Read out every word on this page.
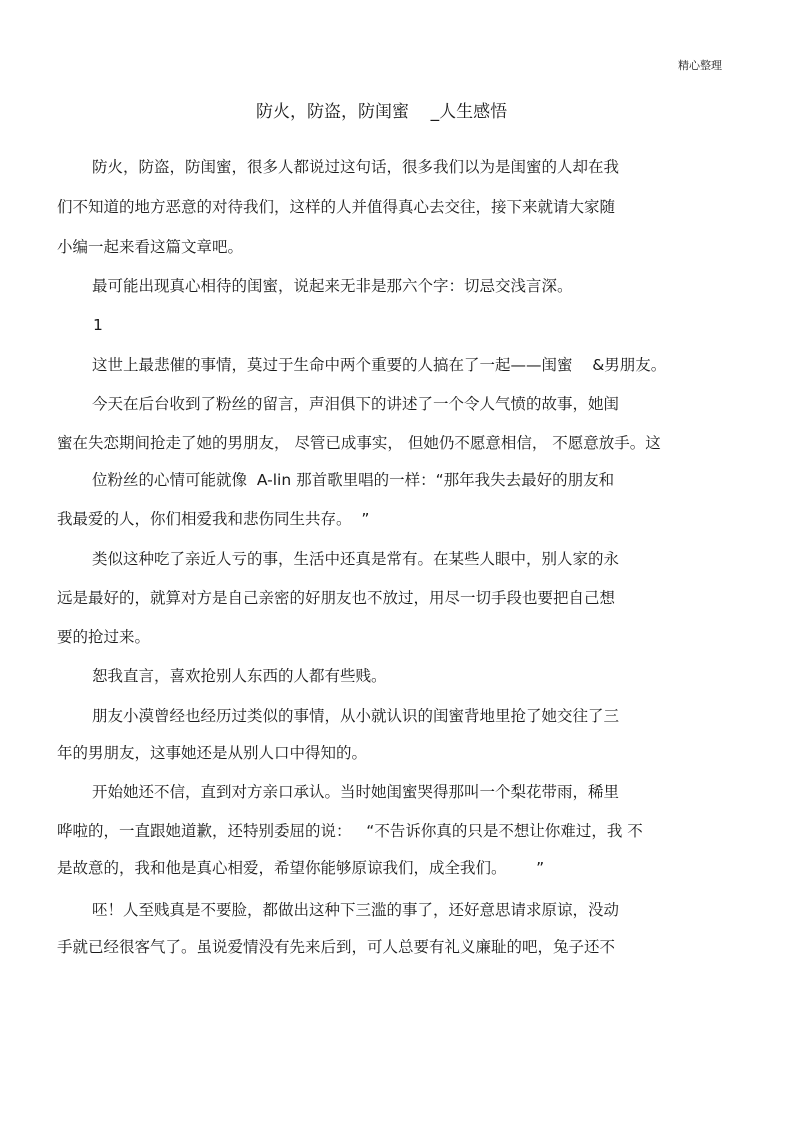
精心整理
防火，防盗，防闺蜜    _人生感悟
防火，防盗，防闺蜜，很多人都说过这句话，很多我们以为是闺蜜的人却在我
们不知道的地方恶意的对待我们，这样的人并值得真心去交往，接下来就请大家随
小编一起来看这篇文章吧。
最可能出现真心相待的闺蜜，说起来无非是那六个字：切忌交浅言深。
1
这世上最悲催的事情，莫过于生命中两个重要的人搞在了一起——闺蜜    &男朋友。
今天在后台收到了粉丝的留言，声泪俱下的讲述了一个令人气愤的故事，她闺
蜜在失恋期间抢走了她的男朋友， 尽管已成事实， 但她仍不愿意相信， 不愿意放手。这
位粉丝的心情可能就像  A-lin 那首歌里唱的一样：“那年我失去最好的朋友和
我最爱的人，你们相爱我和悲伤同生共存。  ”
类似这种吃了亲近人亏的事，生活中还真是常有。在某些人眼中，别人家的永
远是最好的，就算对方是自己亲密的好朋友也不放过，用尽一切手段也要把自己想
要的抢过来。
恕我直言，喜欢抢别人东西的人都有些贱。
朋友小漠曾经也经历过类似的事情，从小就认识的闺蜜背地里抢了她交往了三
年的男朋友，这事她还是从别人口中得知的。
开始她还不信，直到对方亲口承认。当时她闺蜜哭得那叫一个梨花带雨，稀里
哗啦的，一直跟她道歉，还特别委屈的说：   “不告诉你真的只是不想让你难过，我 不
是故意的，我和他是真心相爱，希望你能够原谅我们，成全我们。      ”
呸！人至贱真是不要脸，都做出这种下三滥的事了，还好意思请求原谅，没动
手就已经很客气了。虽说爱情没有先来后到，可人总要有礼义廉耻的吧，兔子还不
